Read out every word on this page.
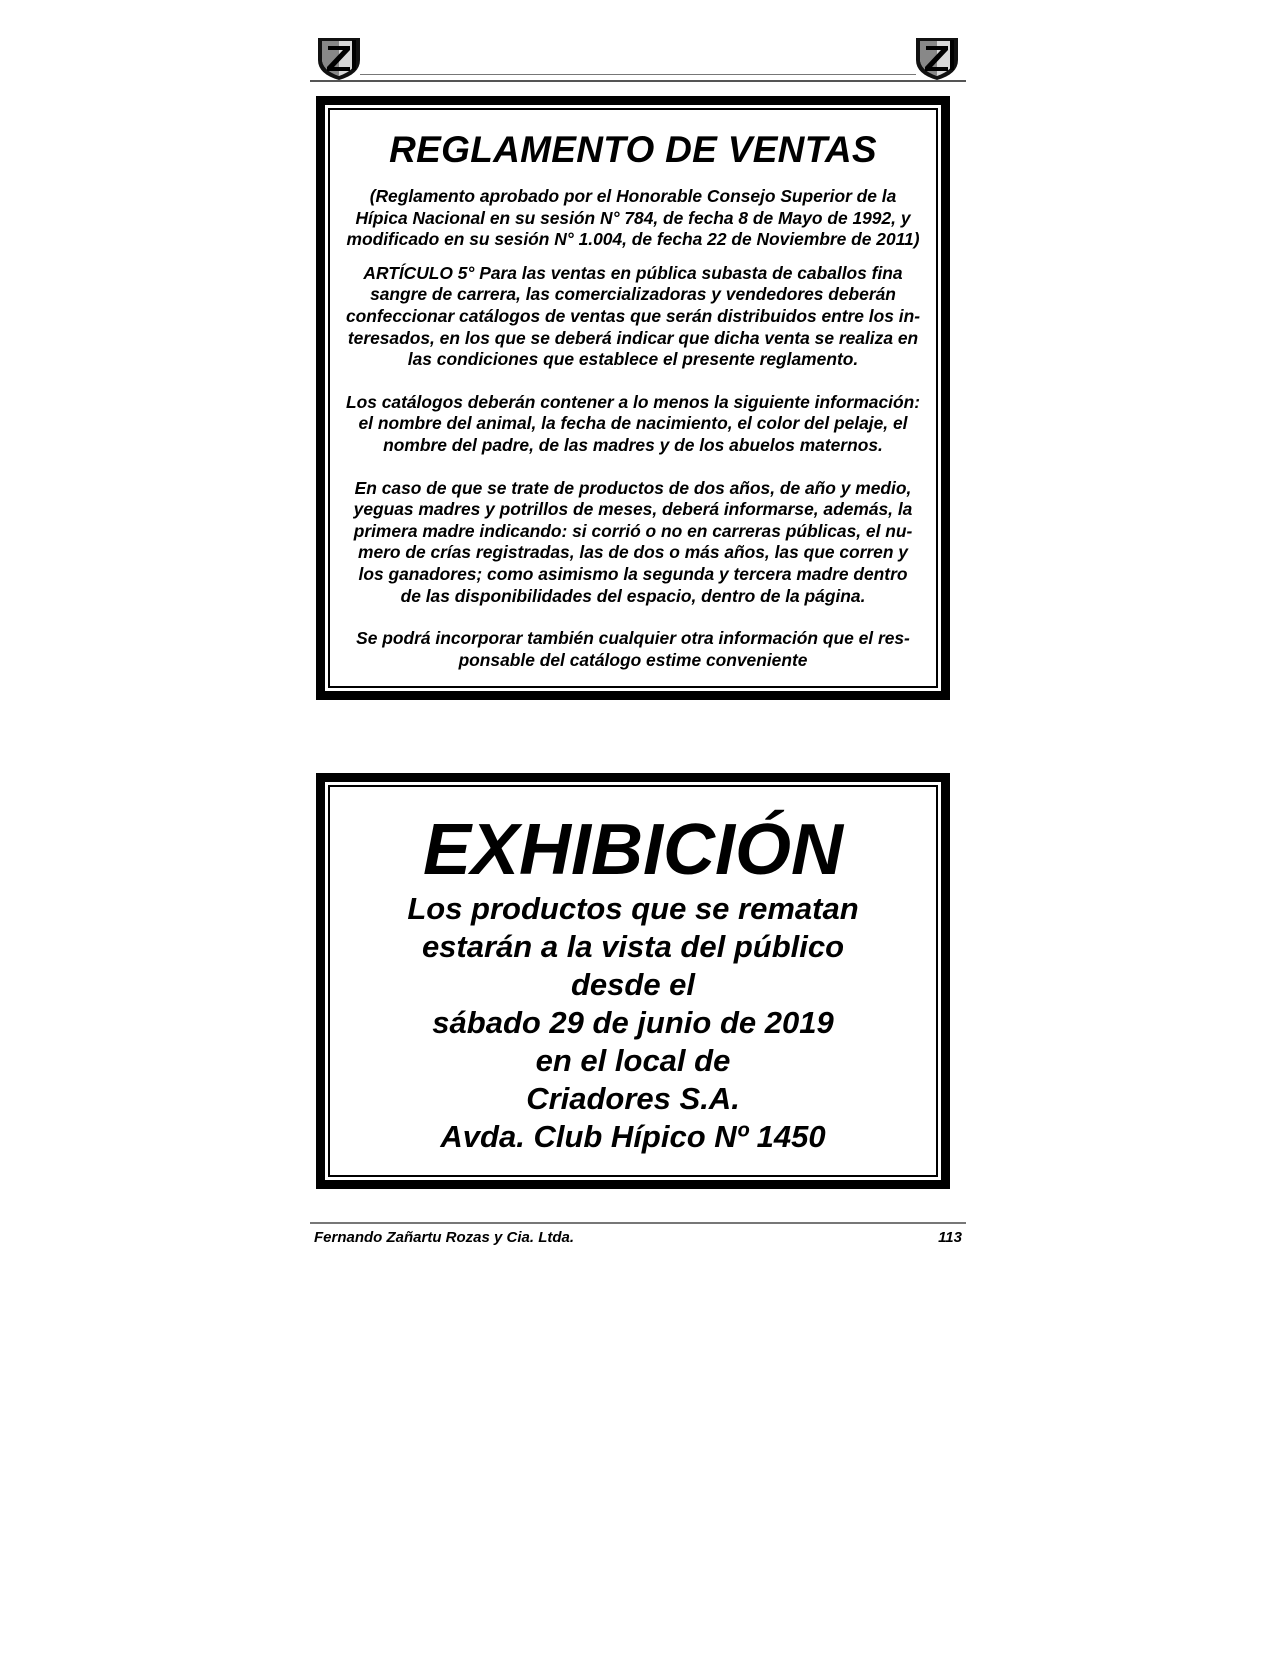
REGLAMENTO DE VENTAS

(Reglamento aprobado por el Honorable Consejo Superior de la
Hípica Nacional en su sesión N° 784, de fecha 8 de Mayo de 1992, y
modificado en su sesión N° 1.004, de fecha 22 de Noviembre de 2011)

ARTÍCULO 5° Para las ventas en pública subasta de caballos fina
sangre de carrera, las comercializadoras y vendedores deberán
confeccionar catálogos de ventas que serán distribuidos entre los in-
teresados, en los que se deberá indicar que dicha venta se realiza en
las condiciones que establece el presente reglamento.

Los catálogos deberán contener a lo menos la siguiente información:
el nombre del animal, la fecha de nacimiento, el color del pelaje, el
nombre del padre, de las madres y de los abuelos maternos.

En caso de que se trate de productos de dos años, de año y medio,
yeguas madres y potrillos de meses, deberá informarse, además, la
primera madre indicando: si corrió o no en carreras públicas, el nu-
mero de crías registradas, las de dos o más años, las que corren y
los ganadores; como asimismo la segunda y tercera madre dentro
de las disponibilidades del espacio, dentro de la página.

Se podrá incorporar también cualquier otra información que el res-
ponsable del catálogo estime conveniente

EXHIBICIÓN

Los productos que se rematan

estarán a la vista del público

desde el

sábado 29 de junio de 2019

en el local de

Criadores S.A.

Avda. Club Hípico Nº 1450

Fernando Zañartu Rozas y Cia. Ltda.	113
